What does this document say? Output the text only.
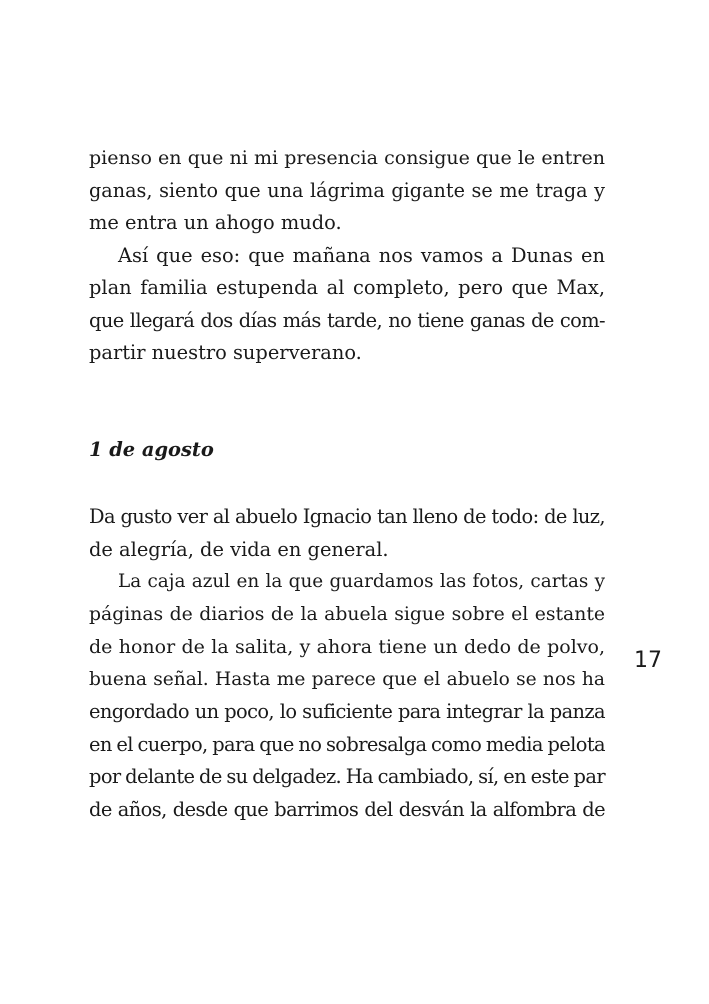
pienso en que ni mi presencia consigue que le entren
ganas, siento que una lágrima gigante se me traga y
me entra un ahogo mudo.
Así que eso: que mañana nos vamos a Dunas en
plan familia estupenda al completo, pero que Max,
que llegará dos días más tarde, no tiene ganas de com-
partir nuestro superverano.
1 de agosto
Da gusto ver al abuelo Ignacio tan lleno de todo: de luz,
de alegría, de vida en general.
La caja azul en la que guardamos las fotos, cartas y
páginas de diarios de la abuela sigue sobre el estante
de honor de la salita, y ahora tiene un dedo de polvo,
buena señal. Hasta me parece que el abuelo se nos ha
engordado un poco, lo suficiente para integrar la panza
en el cuerpo, para que no sobresalga como media pelota
por delante de su delgadez. Ha cambiado, sí, en este par
de años, desde que barrimos del desván la alfombra de
17
